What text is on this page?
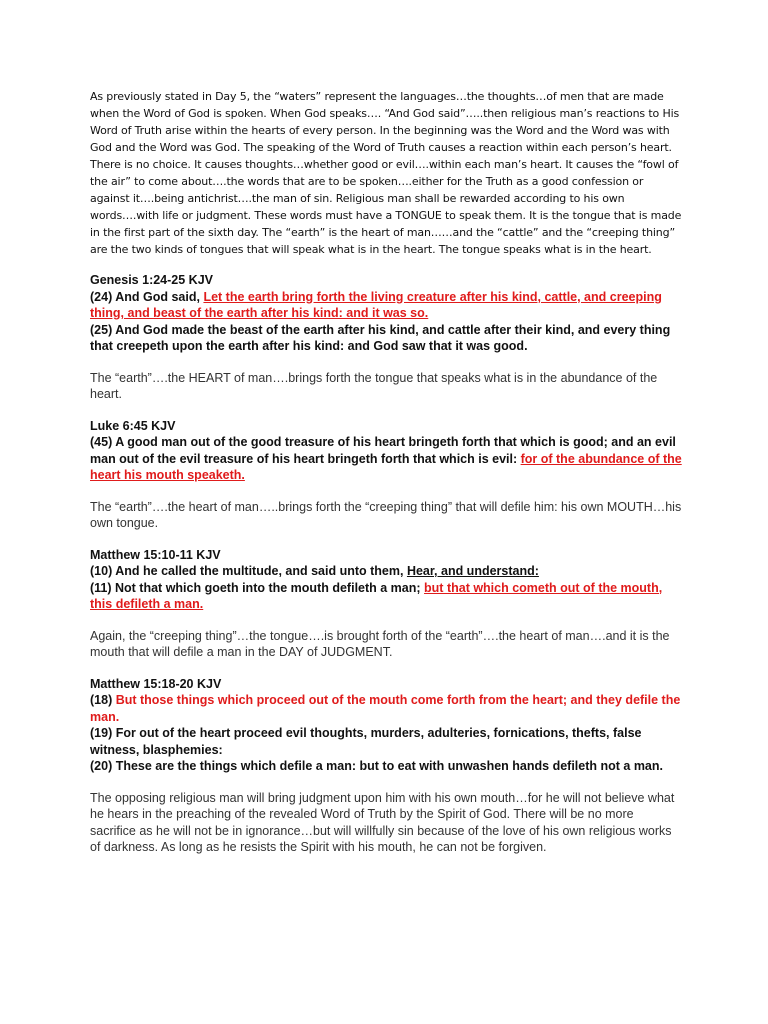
As previously stated in Day 5, the “waters” represent the languages…the thoughts…of men that are made when the Word of God is spoken. When God speaks…. “And God said”…..then religious man’s reactions to His Word of Truth arise within the hearts of every person. In the beginning was the Word and the Word was with God and the Word was God. The speaking of the Word of Truth causes a reaction within each person’s heart. There is no choice. It causes thoughts…whether good or evil….within each man’s heart. It causes the “fowl of the air” to come about….the words that are to be spoken….either for the Truth as a good confession or against it….being antichrist….the man of sin. Religious man shall be rewarded according to his own words….with life or judgment. These words must have a TONGUE to speak them. It is the tongue that is made in the first part of the sixth day. The “earth” is the heart of man……and the “cattle” and the “creeping thing” are the two kinds of tongues that will speak what is in the heart. The tongue speaks what is in the heart.

Genesis 1:24-25 KJV

(24) And God said, Let the earth bring forth the living creature after his kind, cattle, and creeping thing, and beast of the earth after his kind: and it was so.

(25) And God made the beast of the earth after his kind, and cattle after their kind, and every thing that creepeth upon the earth after his kind: and God saw that it was good.

The “earth”….the HEART of man….brings forth the tongue that speaks what is in the abundance of the heart.

Luke 6:45 KJV

(45) A good man out of the good treasure of his heart bringeth forth that which is good; and an evil man out of the evil treasure of his heart bringeth forth that which is evil: for of the abundance of the heart his mouth speaketh.

The “earth”….the heart of man…..brings forth the “creeping thing” that will defile him: his own MOUTH…his own tongue.

Matthew 15:10-11 KJV

(10) And he called the multitude, and said unto them, Hear, and understand:

(11) Not that which goeth into the mouth defileth a man; but that which cometh out of the mouth, this defileth a man.

Again, the “creeping thing”…the tongue….is brought forth of the “earth”….the heart of man….and it is the mouth that will defile a man in the DAY of JUDGMENT.

Matthew 15:18-20 KJV

(18) But those things which proceed out of the mouth come forth from the heart; and they defile the man.

(19) For out of the heart proceed evil thoughts, murders, adulteries, fornications, thefts, false witness, blasphemies:

(20) These are the things which defile a man: but to eat with unwashen hands defileth not a man.

The opposing religious man will bring judgment upon him with his own mouth…for he will not believe what he hears in the preaching of the revealed Word of Truth by the Spirit of God. There will be no more sacrifice as he will not be in ignorance…but will willfully sin because of the love of his own religious works of darkness. As long as he resists the Spirit with his mouth, he can not be forgiven.
